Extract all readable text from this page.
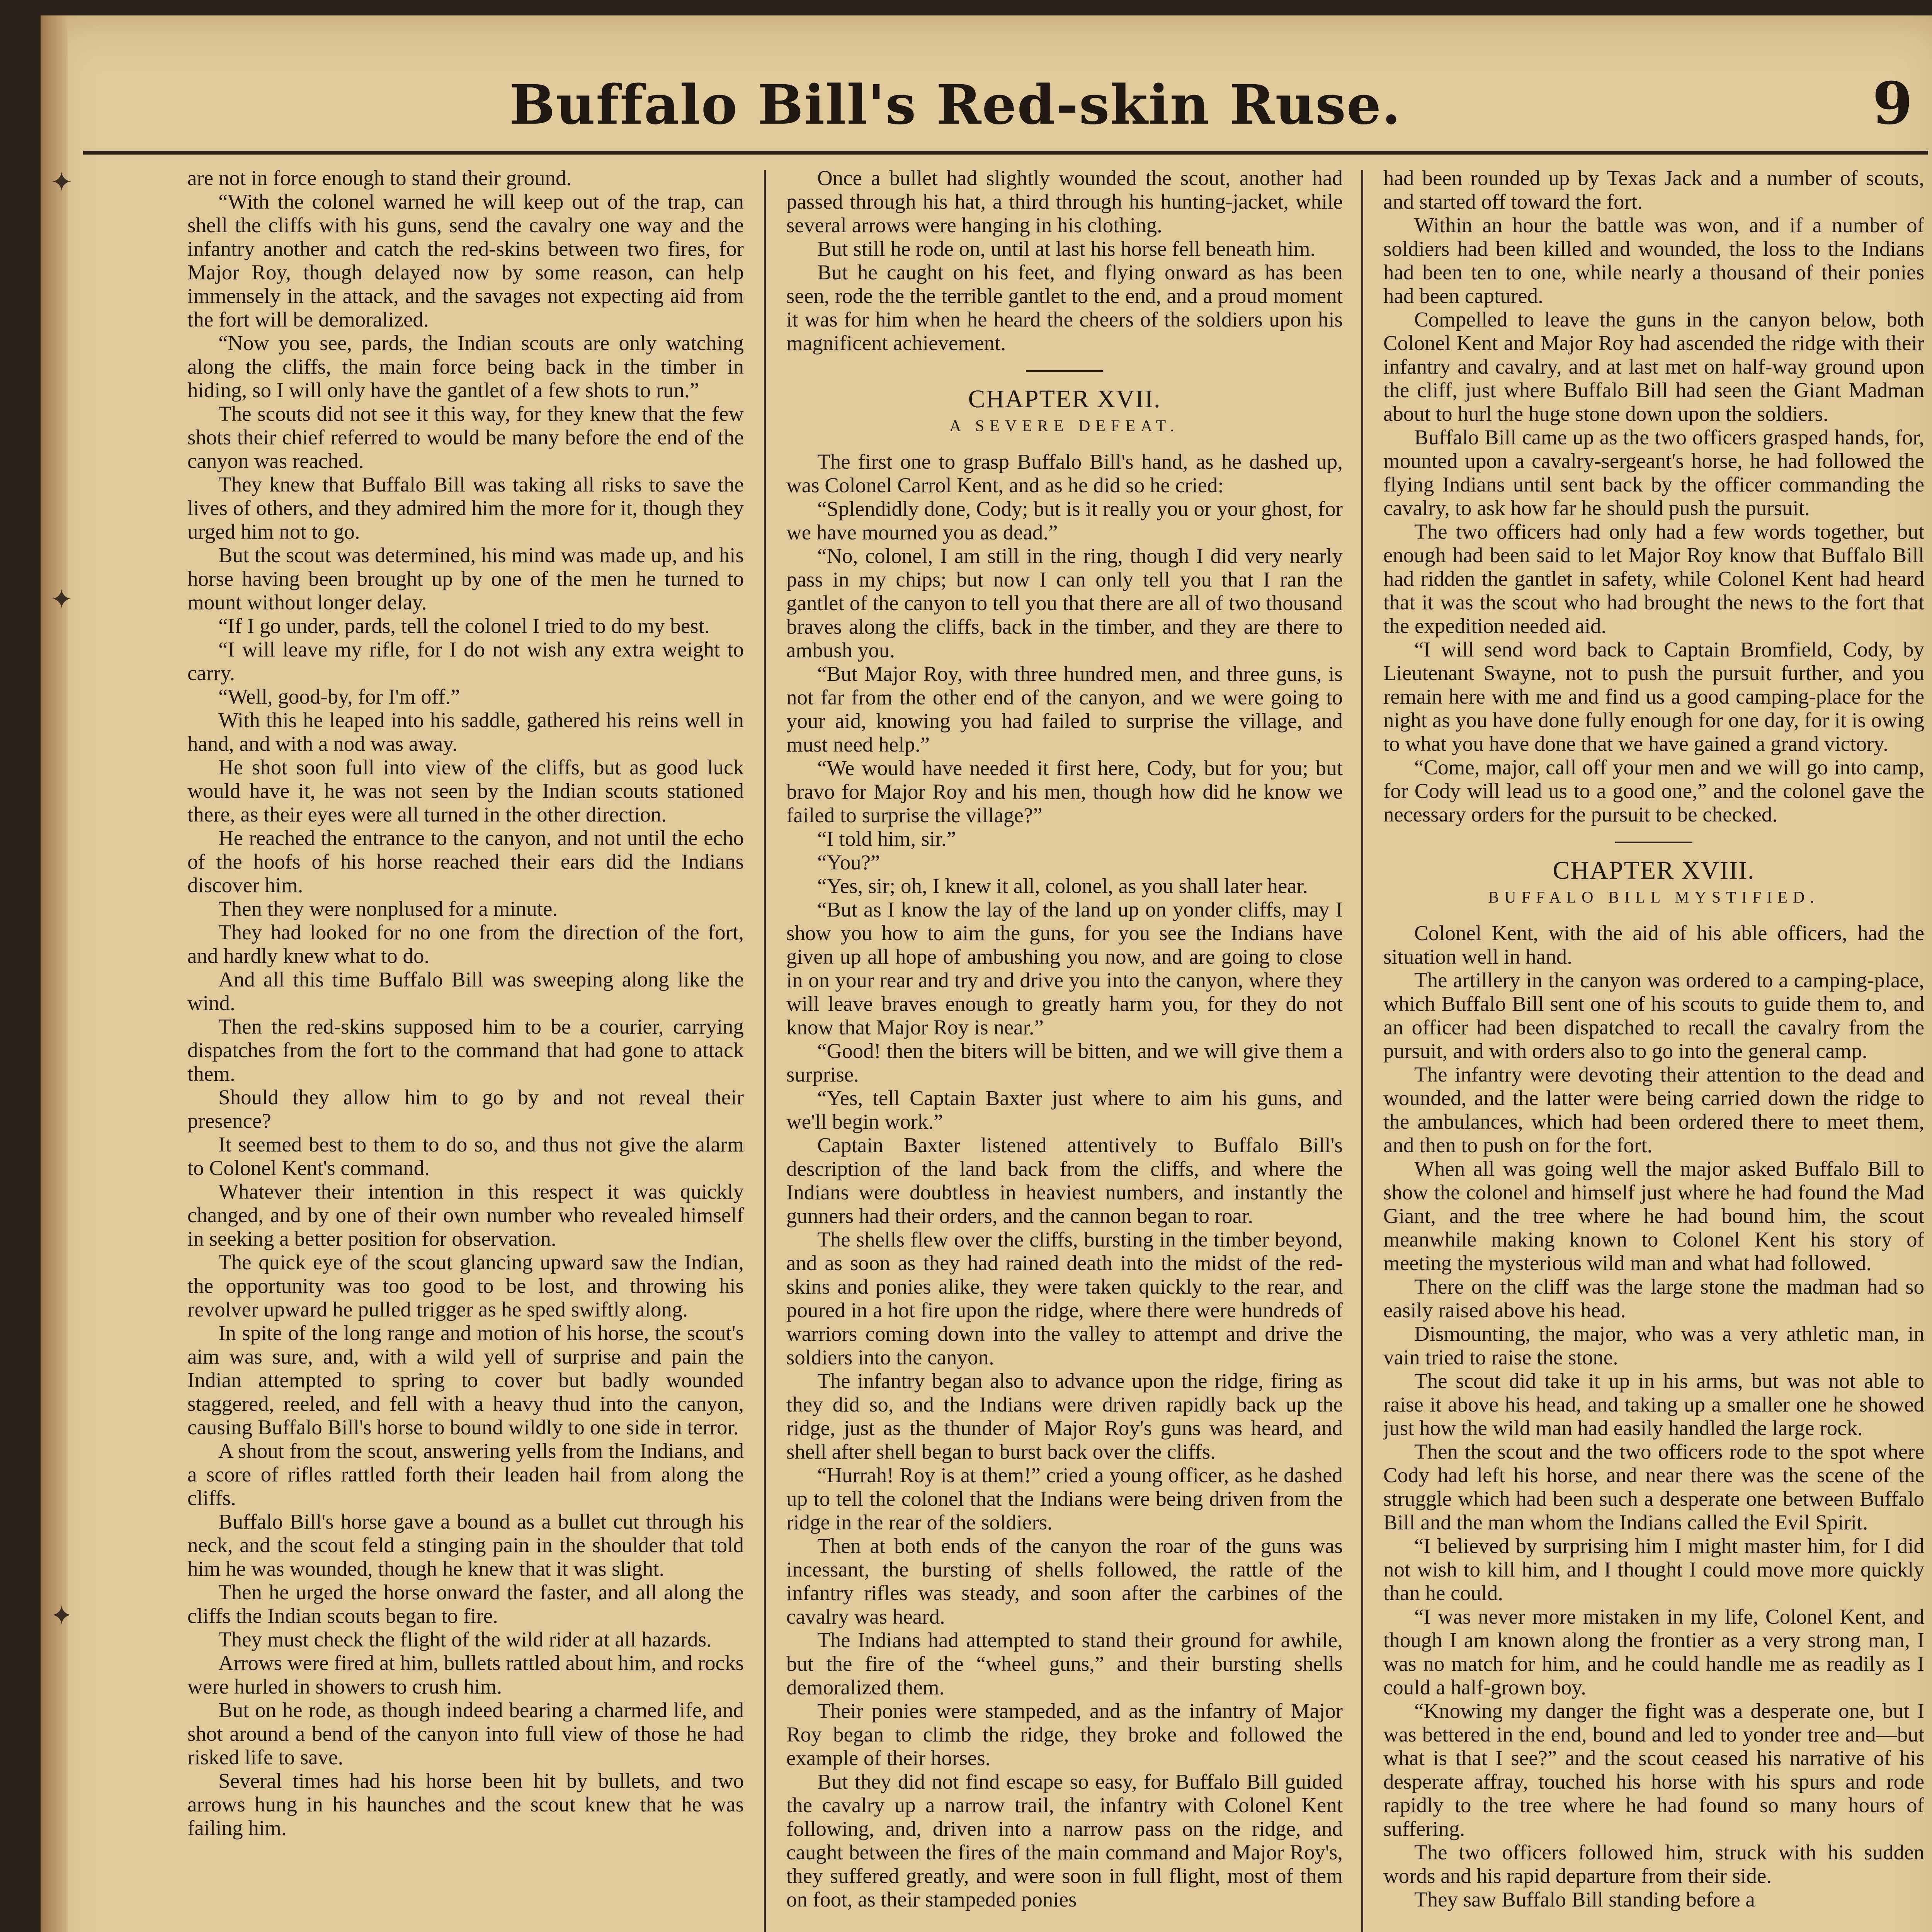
Buffalo Bill's Red-skin Ruse.	9
✦
✦
✦

are not in force enough to stand their ground.

“With the colonel warned he will keep out of the trap, can shell the cliffs with his guns, send the cavalry one way and the infantry another and catch the red-skins between two fires, for Major Roy, though delayed now by some reason, can help immensely in the attack, and the savages not expecting aid from the fort will be demoralized.

“Now you see, pards, the Indian scouts are only watching along the cliffs, the main force being back in the timber in hiding, so I will only have the gantlet of a few shots to run.”

The scouts did not see it this way, for they knew that the few shots their chief referred to would be many before the end of the canyon was reached.

They knew that Buffalo Bill was taking all risks to save the lives of others, and they admired him the more for it, though they urged him not to go.

But the scout was determined, his mind was made up, and his horse having been brought up by one of the men he turned to mount without longer delay.

“If I go under, pards, tell the colonel I tried to do my best.

“I will leave my rifle, for I do not wish any extra weight to carry.

“Well, good-by, for I'm off.”

With this he leaped into his saddle, gathered his reins well in hand, and with a nod was away.

He shot soon full into view of the cliffs, but as good luck would have it, he was not seen by the Indian scouts stationed there, as their eyes were all turned in the other direction.

He reached the entrance to the canyon, and not until the echo of the hoofs of his horse reached their ears did the Indians discover him.

Then they were nonplused for a minute.

They had looked for no one from the direction of the fort, and hardly knew what to do.

And all this time Buffalo Bill was sweeping along like the wind.

Then the red-skins supposed him to be a courier, carrying dispatches from the fort to the command that had gone to attack them.

Should they allow him to go by and not reveal their presence?

It seemed best to them to do so, and thus not give the alarm to Colonel Kent's command.

Whatever their intention in this respect it was quickly changed, and by one of their own number who revealed himself in seeking a better position for observation.

The quick eye of the scout glancing upward saw the Indian, the opportunity was too good to be lost, and throwing his revolver upward he pulled trigger as he sped swiftly along.

In spite of the long range and motion of his horse, the scout's aim was sure, and, with a wild yell of surprise and pain the Indian attempted to spring to cover but badly wounded staggered, reeled, and fell with a heavy thud into the canyon, causing Buffalo Bill's horse to bound wildly to one side in terror.

A shout from the scout, answering yells from the Indians, and a score of rifles rattled forth their leaden hail from along the cliffs.

Buffalo Bill's horse gave a bound as a bullet cut through his neck, and the scout feld a stinging pain in the shoulder that told him he was wounded, though he knew that it was slight.

Then he urged the horse onward the faster, and all along the cliffs the Indian scouts began to fire.

They must check the flight of the wild rider at all hazards.

Arrows were fired at him, bullets rattled about him, and rocks were hurled in showers to crush him.

But on he rode, as though indeed bearing a charmed life, and shot around a bend of the canyon into full view of those he had risked life to save.

Several times had his horse been hit by bullets, and two arrows hung in his haunches and the scout knew that he was failing him.

Once a bullet had slightly wounded the scout, another had passed through his hat, a third through his hunting-jacket, while several arrows were hanging in his clothing.

But still he rode on, until at last his horse fell beneath him.

But he caught on his feet, and flying onward as has been seen, rode the the terrible gantlet to the end, and a proud moment it was for him when he heard the cheers of the soldiers upon his magnificent achievement.

CHAPTER XVII.
A SEVERE DEFEAT.

The first one to grasp Buffalo Bill's hand, as he dashed up, was Colonel Carrol Kent, and as he did so he cried:

“Splendidly done, Cody; but is it really you or your ghost, for we have mourned you as dead.”

“No, colonel, I am still in the ring, though I did very nearly pass in my chips; but now I can only tell you that I ran the gantlet of the canyon to tell you that there are all of two thousand braves along the cliffs, back in the timber, and they are there to ambush you.

“But Major Roy, with three hundred men, and three guns, is not far from the other end of the canyon, and we were going to your aid, knowing you had failed to surprise the village, and must need help.”

“We would have needed it first here, Cody, but for you; but bravo for Major Roy and his men, though how did he know we failed to surprise the village?”

“I told him, sir.”

“You?”

“Yes, sir; oh, I knew it all, colonel, as you shall later hear.

“But as I know the lay of the land up on yonder cliffs, may I show you how to aim the guns, for you see the Indians have given up all hope of ambushing you now, and are going to close in on your rear and try and drive you into the canyon, where they will leave braves enough to greatly harm you, for they do not know that Major Roy is near.”

“Good! then the biters will be bitten, and we will give them a surprise.

“Yes, tell Captain Baxter just where to aim his guns, and we'll begin work.”

Captain Baxter listened attentively to Buffalo Bill's description of the land back from the cliffs, and where the Indians were doubtless in heaviest numbers, and instantly the gunners had their orders, and the cannon began to roar.

The shells flew over the cliffs, bursting in the timber beyond, and as soon as they had rained death into the midst of the red-skins and ponies alike, they were taken quickly to the rear, and poured in a hot fire upon the ridge, where there were hundreds of warriors coming down into the valley to attempt and drive the soldiers into the canyon.

The infantry began also to advance upon the ridge, firing as they did so, and the Indians were driven rapidly back up the ridge, just as the thunder of Major Roy's guns was heard, and shell after shell began to burst back over the cliffs.

“Hurrah! Roy is at them!” cried a young officer, as he dashed up to tell the colonel that the Indians were being driven from the ridge in the rear of the soldiers.

Then at both ends of the canyon the roar of the guns was incessant, the bursting of shells followed, the rattle of the infantry rifles was steady, and soon after the carbines of the cavalry was heard.

The Indians had attempted to stand their ground for awhile, but the fire of the “wheel guns,” and their bursting shells demoralized them.

Their ponies were stampeded, and as the infantry of Major Roy began to climb the ridge, they broke and followed the example of their horses.

But they did not find escape so easy, for Buffalo Bill guided the cavalry up a narrow trail, the infantry with Colonel Kent following, and, driven into a narrow pass on the ridge, and caught between the fires of the main command and Major Roy's, they suffered greatly, and were soon in full flight, most of them on foot, as their stampeded ponies

had been rounded up by Texas Jack and a number of scouts, and started off toward the fort.

Within an hour the battle was won, and if a number of soldiers had been killed and wounded, the loss to the Indians had been ten to one, while nearly a thousand of their ponies had been captured.

Compelled to leave the guns in the canyon below, both Colonel Kent and Major Roy had ascended the ridge with their infantry and cavalry, and at last met on half-way ground upon the cliff, just where Buffalo Bill had seen the Giant Madman about to hurl the huge stone down upon the soldiers.

Buffalo Bill came up as the two officers grasped hands, for, mounted upon a cavalry-sergeant's horse, he had followed the flying Indians until sent back by the officer commanding the cavalry, to ask how far he should push the pursuit.

The two officers had only had a few words together, but enough had been said to let Major Roy know that Buffalo Bill had ridden the gantlet in safety, while Colonel Kent had heard that it was the scout who had brought the news to the fort that the expedition needed aid.

“I will send word back to Captain Bromfield, Cody, by Lieutenant Swayne, not to push the pursuit further, and you remain here with me and find us a good camping-place for the night as you have done fully enough for one day, for it is owing to what you have done that we have gained a grand victory.

“Come, major, call off your men and we will go into camp, for Cody will lead us to a good one,” and the colonel gave the necessary orders for the pursuit to be checked.

CHAPTER XVIII.
BUFFALO BILL MYSTIFIED.

Colonel Kent, with the aid of his able officers, had the situation well in hand.

The artillery in the canyon was ordered to a camping-place, which Buffalo Bill sent one of his scouts to guide them to, and an officer had been dispatched to recall the cavalry from the pursuit, and with orders also to go into the general camp.

The infantry were devoting their attention to the dead and wounded, and the latter were being carried down the ridge to the ambulances, which had been ordered there to meet them, and then to push on for the fort.

When all was going well the major asked Buffalo Bill to show the colonel and himself just where he had found the Mad Giant, and the tree where he had bound him, the scout meanwhile making known to Colonel Kent his story of meeting the mysterious wild man and what had followed.

There on the cliff was the large stone the madman had so easily raised above his head.

Dismounting, the major, who was a very athletic man, in vain tried to raise the stone.

The scout did take it up in his arms, but was not able to raise it above his head, and taking up a smaller one he showed just how the wild man had easily handled the large rock.

Then the scout and the two officers rode to the spot where Cody had left his horse, and near there was the scene of the struggle which had been such a desperate one between Buffalo Bill and the man whom the Indians called the Evil Spirit.

“I believed by surprising him I might master him, for I did not wish to kill him, and I thought I could move more quickly than he could.

“I was never more mistaken in my life, Colonel Kent, and though I am known along the frontier as a very strong man, I was no match for him, and he could handle me as readily as I could a half-grown boy.

“Knowing my danger the fight was a desperate one, but I was bettered in the end, bound and led to yonder tree and—but what is that I see?” and the scout ceased his narrative of his desperate affray, touched his horse with his spurs and rode rapidly to the tree where he had found so many hours of suffering.

The two officers followed him, struck with his sudden words and his rapid departure from their side.

They saw Buffalo Bill standing before a
